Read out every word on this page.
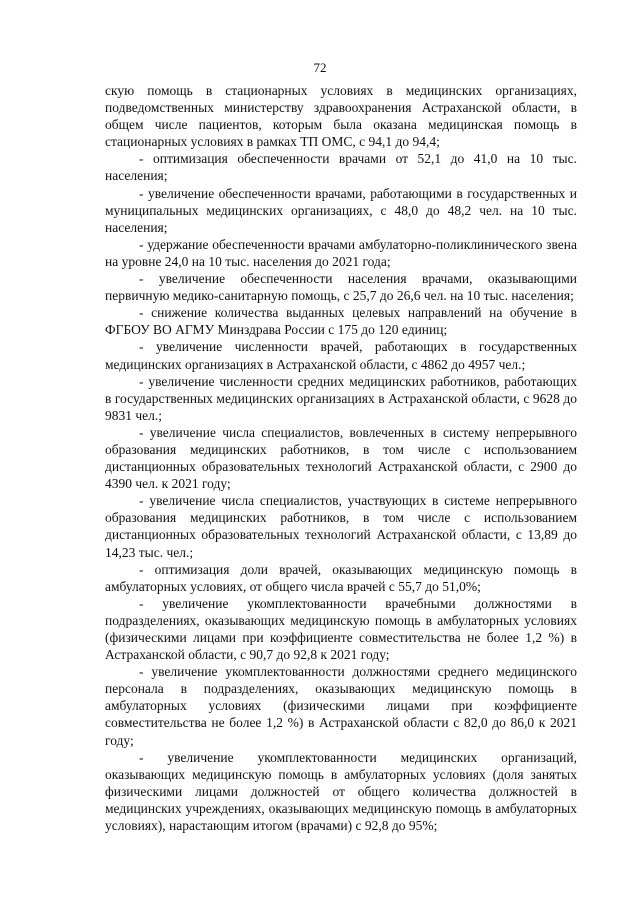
72

скую помощь в стационарных условиях в медицинских организациях, подведомственных министерству здравоохранения Астраханской области, в общем числе пациентов, которым была оказана медицинская помощь в стационарных условиях в рамках ТП ОМС, с 94,1 до 94,4;

- оптимизация обеспеченности врачами от 52,1 до 41,0 на 10 тыс. населения;

- увеличение обеспеченности врачами, работающими в государственных и муниципальных медицинских организациях, с 48,0 до 48,2 чел. на 10 тыс. населения;

- удержание обеспеченности врачами амбулаторно-поликлинического звена на уровне 24,0 на 10 тыс. населения до 2021 года;

- увеличение обеспеченности населения врачами, оказывающими первичную медико-санитарную помощь, с 25,7 до 26,6 чел. на 10 тыс. населения;

- снижение количества выданных целевых направлений на обучение в ФГБОУ ВО АГМУ Минздрава России с 175 до 120 единиц;

- увеличение численности врачей, работающих в государственных медицинских организациях в Астраханской области, с 4862 до 4957 чел.;

- увеличение численности средних медицинских работников, работающих в государственных медицинских организациях в Астраханской области, с 9628 до 9831 чел.;

- увеличение числа специалистов, вовлеченных в систему непрерывного образования медицинских работников, в том числе с использованием дистанционных образовательных технологий Астраханской области, с 2900 до 4390 чел. к 2021 году;

- увеличение числа специалистов, участвующих в системе непрерывного образования медицинских работников, в том числе с использованием дистанционных образовательных технологий Астраханской области, с 13,89 до 14,23 тыс. чел.;

- оптимизация доли врачей, оказывающих медицинскую помощь в амбулаторных условиях, от общего числа врачей с 55,7 до 51,0%;

- увеличение укомплектованности врачебными должностями в подразделениях, оказывающих медицинскую помощь в амбулаторных условиях (физическими лицами при коэффициенте совместительства не более 1,2 %) в Астраханской области, с 90,7 до 92,8 к 2021 году;

- увеличение укомплектованности должностями среднего медицинского персонала в подразделениях, оказывающих медицинскую помощь в амбулаторных условиях (физическими лицами при коэффициенте совместительства не более 1,2 %) в Астраханской области с 82,0 до 86,0 к 2021 году;

- увеличение укомплектованности медицинских организаций, оказывающих медицинскую помощь в амбулаторных условиях (доля занятых физическими лицами должностей от общего количества должностей в медицинских учреждениях, оказывающих медицинскую помощь в амбулаторных условиях), нарастающим итогом (врачами) с 92,8 до 95%;
